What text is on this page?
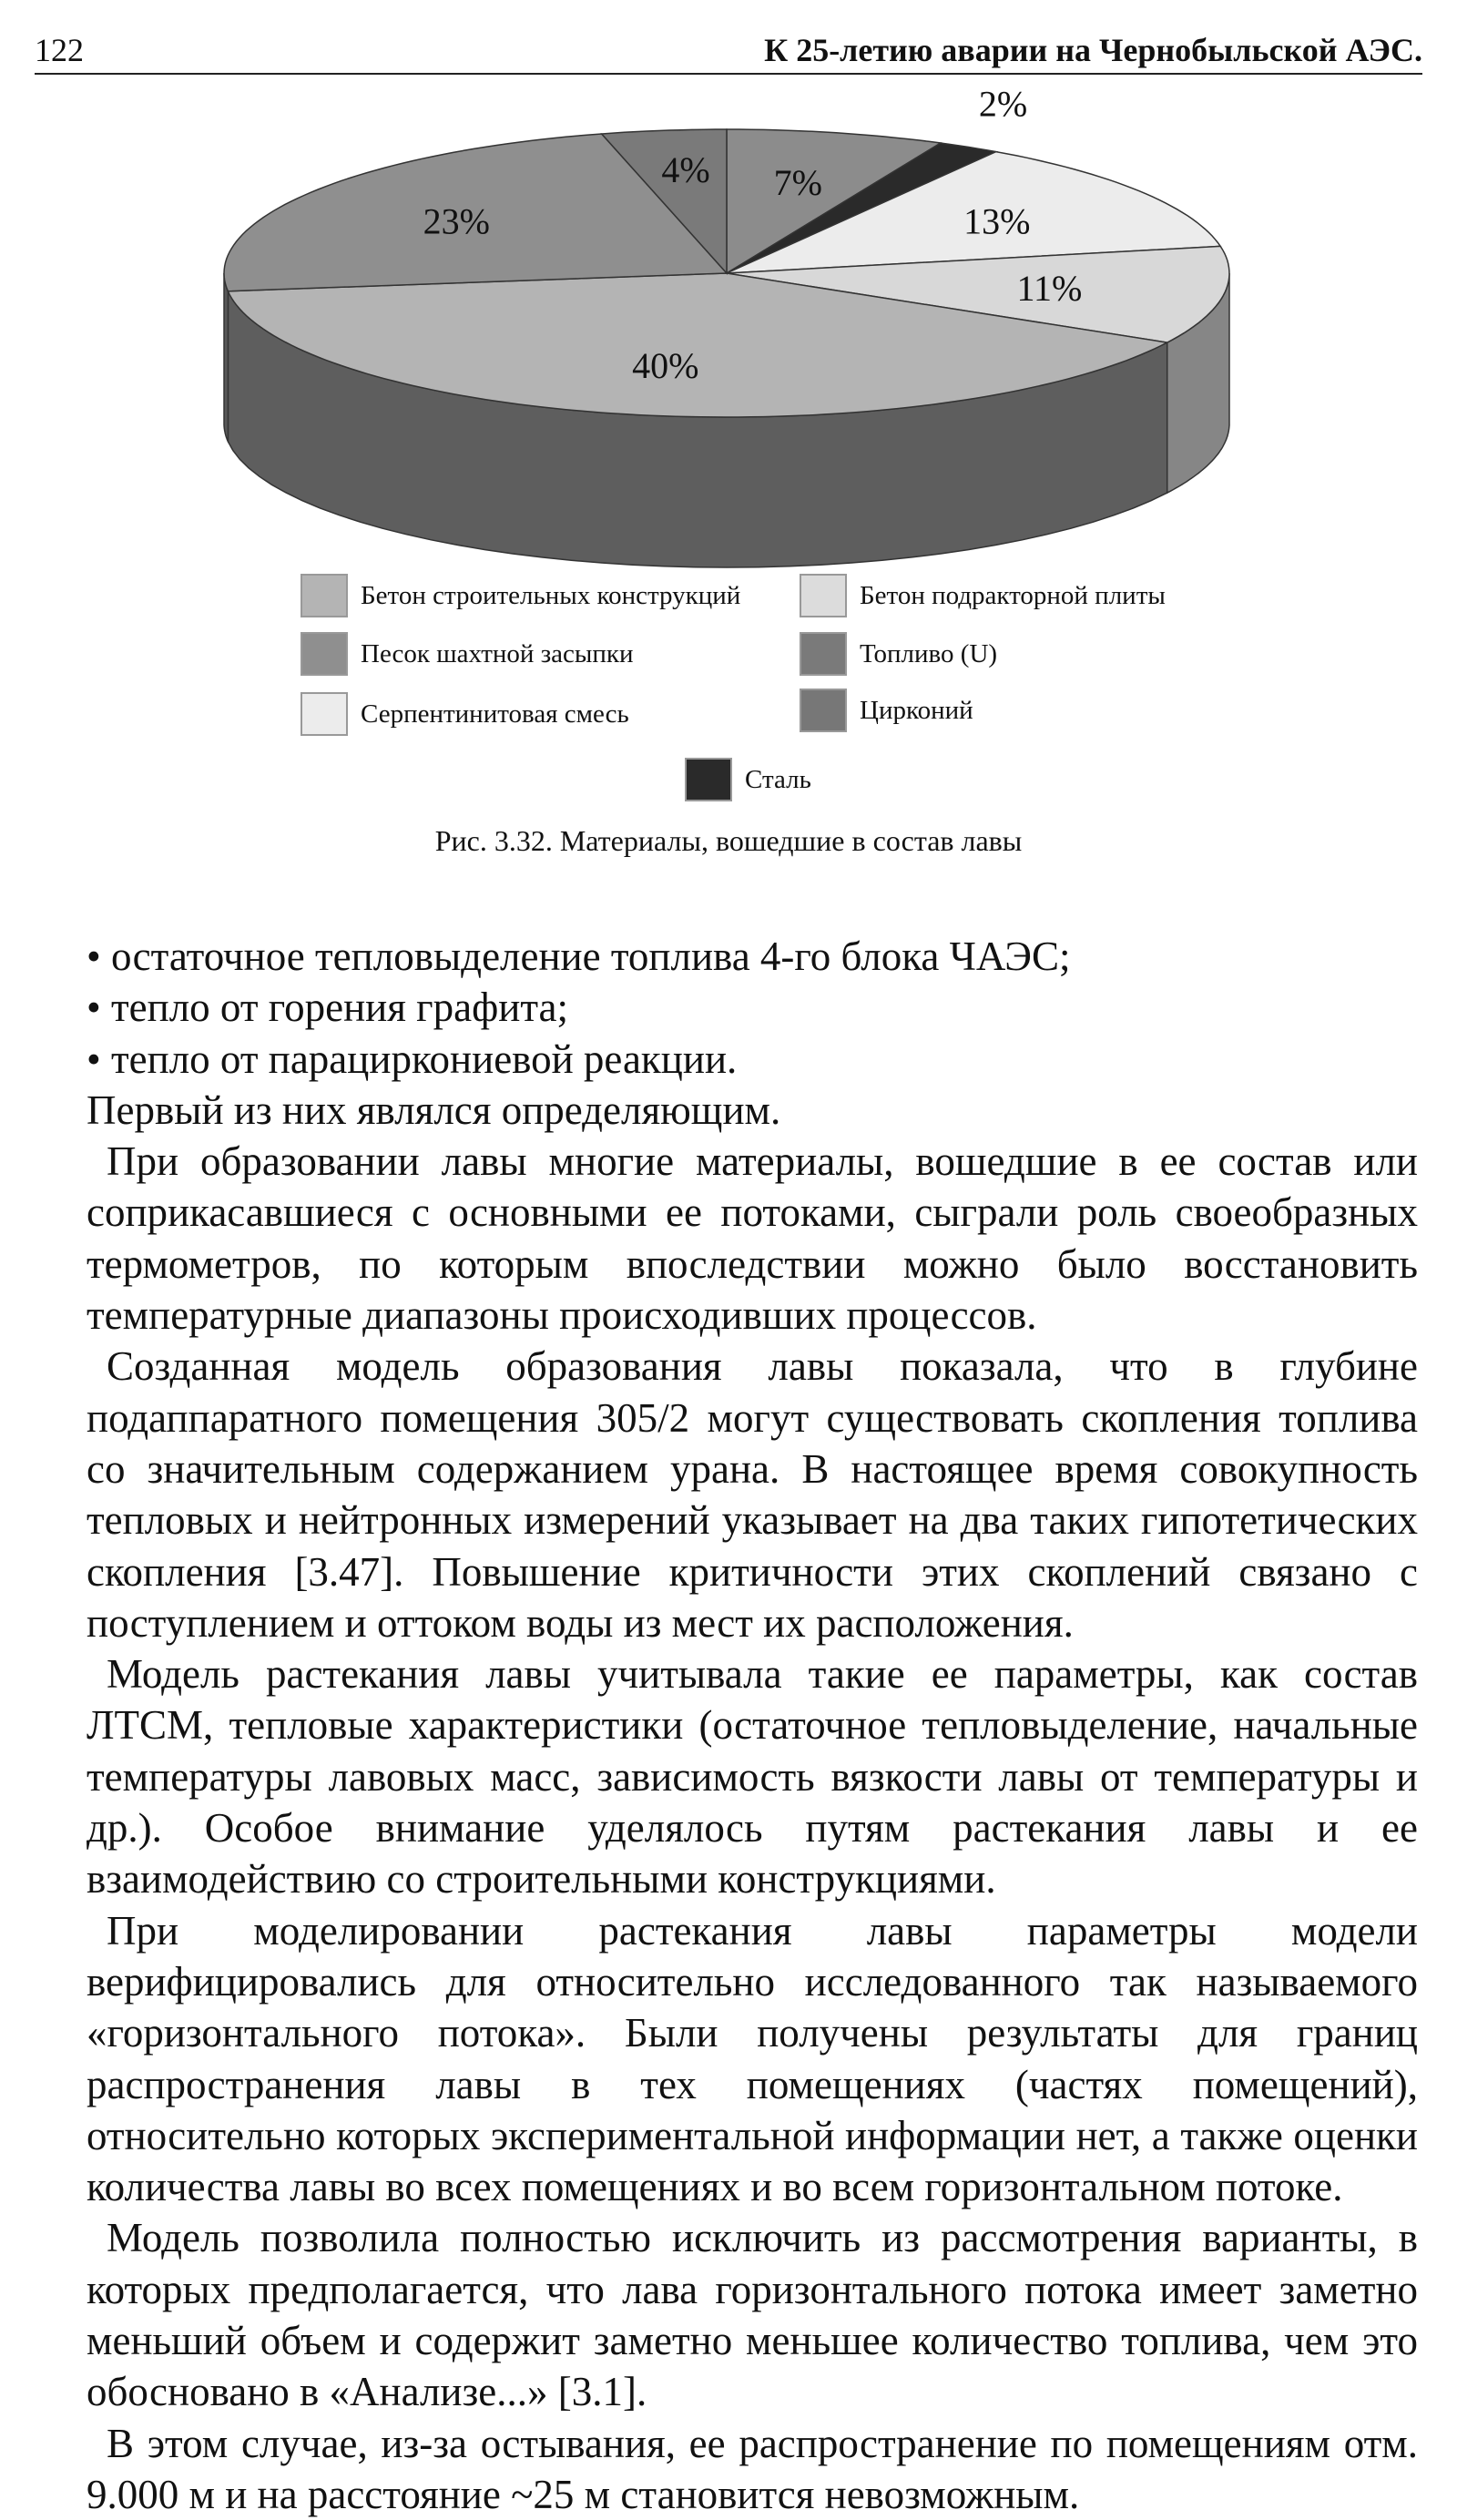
122	К 25-летию аварии на Чернобыльской АЭС.
7%
2%
13%
11%
40%
23%
4%
Бетон строительных конструкций	Бетон подракторной плиты
Песок шахтной засыпки	Топливо (U)
Серпентинитовая смесь	Цирконий
Сталь
Рис. 3.32. Материалы, вошедшие в состав лавы

• остаточное тепловыделение топлива 4-го блока ЧАЭС;

• тепло от горения графита;

• тепло от парациркониевой реакции.

Первый из них являлся определяющим.

При образовании лавы многие материалы, вошедшие в ее состав или соприкасавшиеся с основными ее потоками, сыграли роль своеобразных термометров, по которым впоследствии можно было восстановить температурные диапазоны происходивших процессов.

Созданная модель образования лавы показала, что в глубине подаппаратного помещения 305/2 могут существовать скопления топлива со значительным содержанием урана. В настоящее время совокупность тепловых и нейтронных измерений указывает на два таких гипотетических скопления [3.47]. Повышение критичности этих скоплений связано с поступлением и оттоком воды из мест их расположения.

Модель растекания лавы учитывала такие ее параметры, как состав ЛТСМ, тепловые характеристики (остаточное тепловыделение, начальные температуры лавовых масс, зависимость вязкости лавы от температуры и др.). Особое внимание уделялось путям растекания лавы и ее взаимодействию со строительными конструкциями.

При моделировании растекания лавы параметры модели верифицировались для относительно исследованного так называемого «горизонтального потока». Были получены результаты для границ распространения лавы в тех помещениях (частях помещений), относительно которых экспериментальной информации нет, а также оценки количества лавы во всех помещениях и во всем горизонтальном потоке.

Модель позволила полностью исключить из рассмотрения варианты, в которых предполагается, что лава горизонтального потока имеет заметно меньший объем и содержит заметно меньшее количество топлива, чем это обосновано в «Анализе...» [3.1].

В этом случае, из-за остывания, ее распространение по помещениям отм. 9.000 м и на расстояние ~25 м становится невозможным.
